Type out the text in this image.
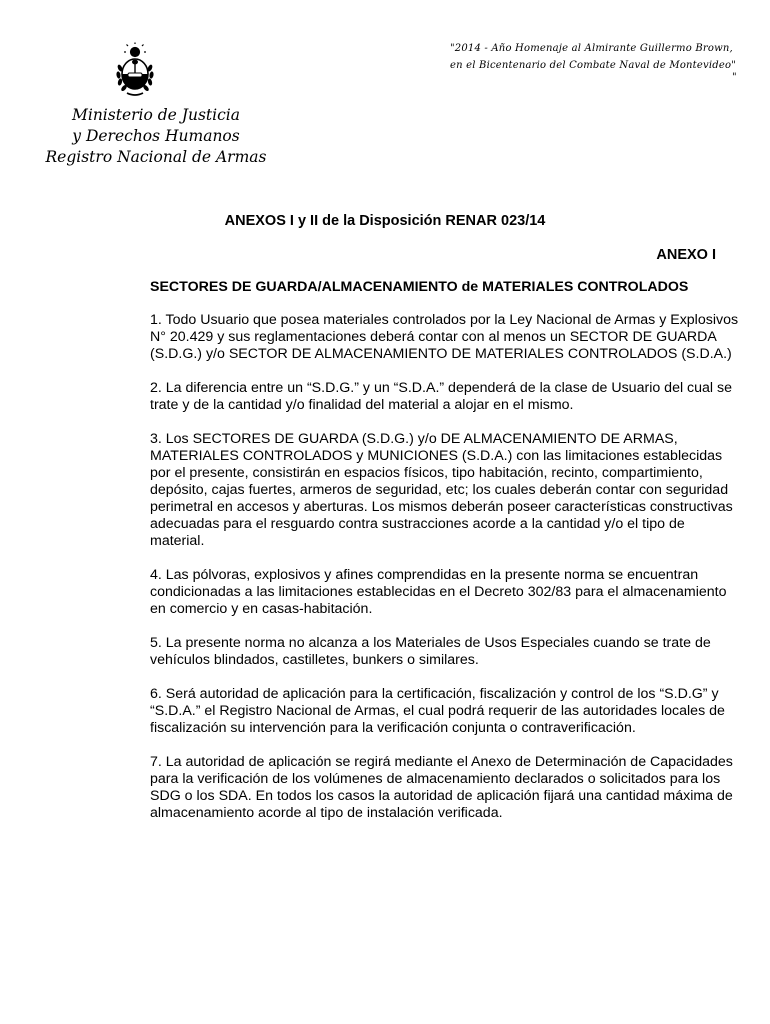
"2014 - Año Homenaje al Almirante Guillermo Brown,
en el Bicentenario del Combate Naval de Montevideo"
"
Ministerio de Justicia
y Derechos Humanos
Registro Nacional de Armas
ANEXOS I y II de la Disposición RENAR 023/14
ANEXO I
SECTORES DE GUARDA/ALMACENAMIENTO de MATERIALES CONTROLADOS

1. Todo Usuario que posea materiales controlados por la Ley Nacional de Armas y Explosivos N° 20.429 y sus reglamentaciones deberá contar con al menos un SECTOR DE GUARDA (S.D.G.) y/o SECTOR DE ALMACENAMIENTO DE MATERIALES CONTROLADOS (S.D.A.)

2. La diferencia entre un “S.D.G.” y un “S.D.A.” dependerá de la clase de Usuario del cual se trate y de la cantidad y/o finalidad del material a alojar en el mismo.

3. Los SECTORES DE GUARDA (S.D.G.) y/o DE ALMACENAMIENTO DE ARMAS, MATERIALES CONTROLADOS y MUNICIONES (S.D.A.) con las limitaciones establecidas por el presente, consistirán en espacios físicos, tipo habitación, recinto, compartimiento, depósito, cajas fuertes, armeros de seguridad, etc; los cuales deberán contar con seguridad perimetral en accesos y aberturas. Los mismos deberán poseer características constructivas adecuadas para el resguardo contra sustracciones acorde a la cantidad y/o el tipo de material.

4. Las pólvoras, explosivos y afines comprendidas en la presente norma se encuentran condicionadas a las limitaciones establecidas en el Decreto 302/83 para el almacenamiento en comercio y en casas-habitación.

5. La presente norma no alcanza a los Materiales de Usos Especiales cuando se trate de vehículos blindados, castilletes, bunkers o similares.

6. Será autoridad de aplicación para la certificación, fiscalización y control de los “S.D.G” y “S.D.A.” el Registro Nacional de Armas, el cual podrá requerir de las autoridades locales de fiscalización su intervención para la verificación conjunta o contraverificación.

7. La autoridad de aplicación se regirá mediante el Anexo de Determinación de Capacidades para la verificación de los volúmenes de almacenamiento declarados o solicitados para los SDG o los SDA. En todos los casos la autoridad de aplicación fijará una cantidad máxima de almacenamiento acorde al tipo de instalación verificada.
